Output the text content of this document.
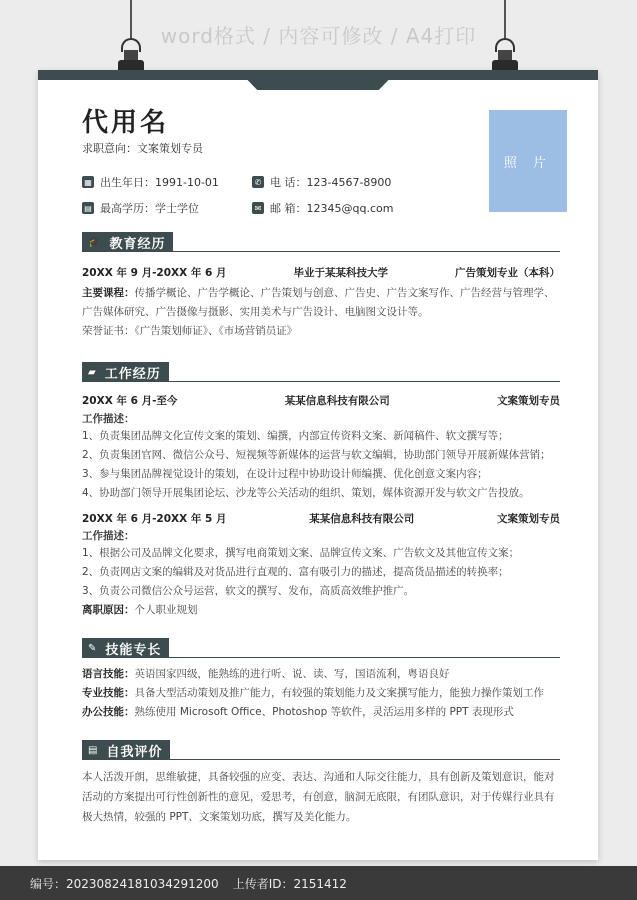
word格式 / 内容可修改 / A4打印
代用名
求职意向：文案策划专员
照 片
▦ 出生年日：1991-10-01	✆ 电 话：123-4567-8900
▤ 最高学历：学士学位	✉ 邮 箱：12345@qq.com
🎓 教育经历
20XX 年 9 月-20XX 年 6 月	毕业于某某科技大学	广告策划专业（本科）
主要课程：传播学概论、广告学概论、广告策划与创意、广告史、广告文案写作、广告经营与管理学、广告媒体研究、广告摄像与摄影、实用美术与广告设计、电脑图文设计等。
荣誉证书：《广告策划师证》、《市场营销员证》
▰ 工作经历
20XX 年 6 月-至今	某某信息科技有限公司	文案策划专员
工作描述：
1、负责集团品牌文化宣传文案的策划、编撰，内部宣传资料文案、新闻稿件、软文撰写等；
2、负责集团官网、微信公众号、短视频等新媒体的运营与软文编辑，协助部门领导开展新媒体营销；
3、参与集团品牌视觉设计的策划，在设计过程中协助设计师编撰、优化创意文案内容；
4、协助部门领导开展集团论坛、沙龙等公关活动的组织、策划，媒体资源开发与软文广告投放。
20XX 年 6 月-20XX 年 5 月	某某信息科技有限公司	文案策划专员
工作描述：
1、根据公司及品牌文化要求，撰写电商策划文案、品牌宣传文案、广告软文及其他宣传文案；
2、负责网店文案的编辑及对货品进行直观的、富有吸引力的描述，提高货品描述的转换率；
3、负责公司微信公众号运营，软文的撰写、发布，高质高效维护推广。
离职原因：个人职业规划
✎ 技能专长
语言技能：英语国家四级，能熟练的进行听、说、读、写，国语流利，粤语良好
专业技能：具备大型活动策划及推广能力，有较强的策划能力及文案撰写能力，能独力操作策划工作
办公技能：熟练使用 Microsoft Office、Photoshop 等软件，灵活运用多样的 PPT 表现形式
▤ 自我评价
本人活泼开朗，思维敏捷，具备较强的应变、表达、沟通和人际交往能力，具有创新及策划意识，能对活动的方案提出可行性创新性的意见，爱思考，有创意，脑洞无底限，有团队意识，对于传媒行业具有极大热情，较强的 PPT、文案策划功底，撰写及美化能力。
编号：20230824181034291200 上传者ID：2151412
